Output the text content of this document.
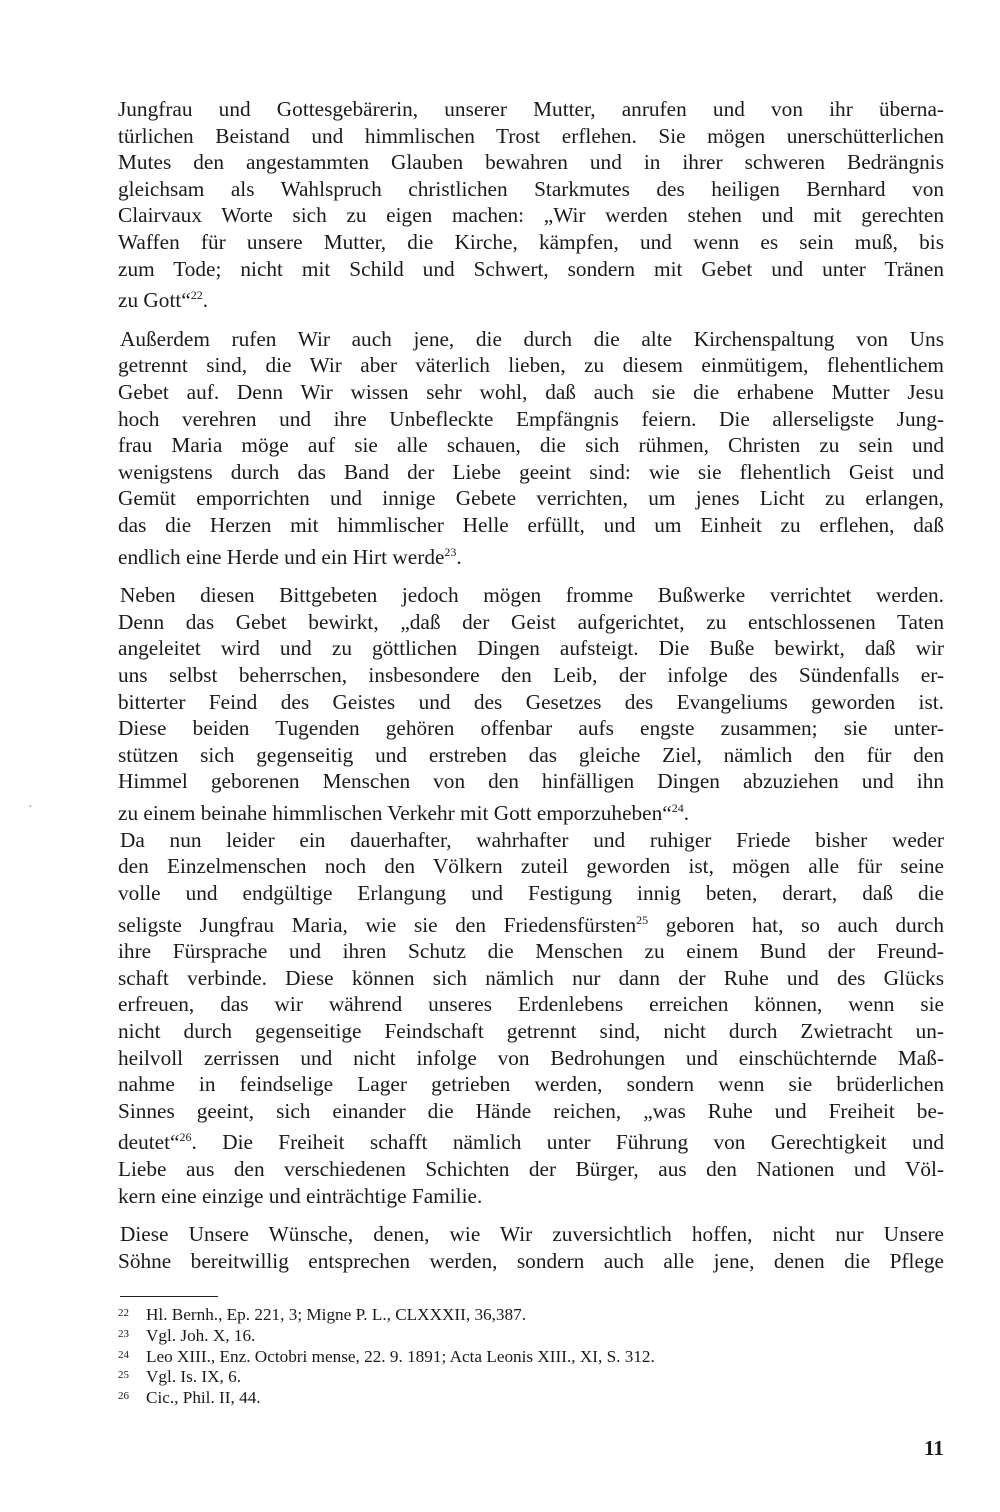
Jungfrau und Gottesgebärerin, unserer Mutter, anrufen und von ihr überna-
türlichen Beistand und himmlischen Trost erflehen. Sie mögen unerschütterlichen
Mutes den angestammten Glauben bewahren und in ihrer schweren Bedrängnis
gleichsam als Wahlspruch christlichen Starkmutes des heiligen Bernhard von
Clairvaux Worte sich zu eigen machen: „Wir werden stehen und mit gerechten
Waffen für unsere Mutter, die Kirche, kämpfen, und wenn es sein muß, bis
zum Tode; nicht mit Schild und Schwert, sondern mit Gebet und unter Tränen
zu Gott“$^{22}$.
Außerdem rufen Wir auch jene, die durch die alte Kirchenspaltung von Uns
getrennt sind, die Wir aber väterlich lieben, zu diesem einmütigem, flehentlichem
Gebet auf. Denn Wir wissen sehr wohl, daß auch sie die erhabene Mutter Jesu
hoch verehren und ihre Unbefleckte Empfängnis feiern. Die allerseligste Jung-
frau Maria möge auf sie alle schauen, die sich rühmen, Christen zu sein und
wenigstens durch das Band der Liebe geeint sind: wie sie flehentlich Geist und
Gemüt emporrichten und innige Gebete verrichten, um jenes Licht zu erlangen,
das die Herzen mit himmlischer Helle erfüllt, und um Einheit zu erflehen, daß
endlich eine Herde und ein Hirt werde$^{23}$.
Neben diesen Bittgebeten jedoch mögen fromme Bußwerke verrichtet werden.
Denn das Gebet bewirkt, „daß der Geist aufgerichtet, zu entschlossenen Taten
angeleitet wird und zu göttlichen Dingen aufsteigt. Die Buße bewirkt, daß wir
uns selbst beherrschen, insbesondere den Leib, der infolge des Sündenfalls er-
bitterter Feind des Geistes und des Gesetzes des Evangeliums geworden ist.
Diese beiden Tugenden gehören offenbar aufs engste zusammen; sie unter-
stützen sich gegenseitig und erstreben das gleiche Ziel, nämlich den für den
Himmel geborenen Menschen von den hinfälligen Dingen abzuziehen und ihn
zu einem beinahe himmlischen Verkehr mit Gott emporzuheben“$^{24}$.
Da nun leider ein dauerhafter, wahrhafter und ruhiger Friede bisher weder
den Einzelmenschen noch den Völkern zuteil geworden ist, mögen alle für seine
volle und endgültige Erlangung und Festigung innig beten, derart, daß die
seligste Jungfrau Maria, wie sie den Friedensfürsten$^{25}$ geboren hat, so auch durch
ihre Fürsprache und ihren Schutz die Menschen zu einem Bund der Freund-
schaft verbinde. Diese können sich nämlich nur dann der Ruhe und des Glücks
erfreuen, das wir während unseres Erdenlebens erreichen können, wenn sie
nicht durch gegenseitige Feindschaft getrennt sind, nicht durch Zwietracht un-
heilvoll zerrissen und nicht infolge von Bedrohungen und einschüchternde Maß-
nahme in feindselige Lager getrieben werden, sondern wenn sie brüderlichen
Sinnes geeint, sich einander die Hände reichen, „was Ruhe und Freiheit be-
deutet“$^{26}$. Die Freiheit schafft nämlich unter Führung von Gerechtigkeit und
Liebe aus den verschiedenen Schichten der Bürger, aus den Nationen und Völ-
kern eine einzige und einträchtige Familie.
Diese Unsere Wünsche, denen, wie Wir zuversichtlich hoffen, nicht nur Unsere
Söhne bereitwillig entsprechen werden, sondern auch alle jene, denen die Pflege
22 Hl. Bernh., Ep. 221, 3; Migne P. L., CLXXXII, 36,387.
23 Vgl. Joh. X, 16.
24 Leo XIII., Enz. Octobri mense, 22. 9. 1891; Acta Leonis XIII., XI, S. 312.
25 Vgl. Is. IX, 6.
26 Cic., Phil. II, 44.
11
·
